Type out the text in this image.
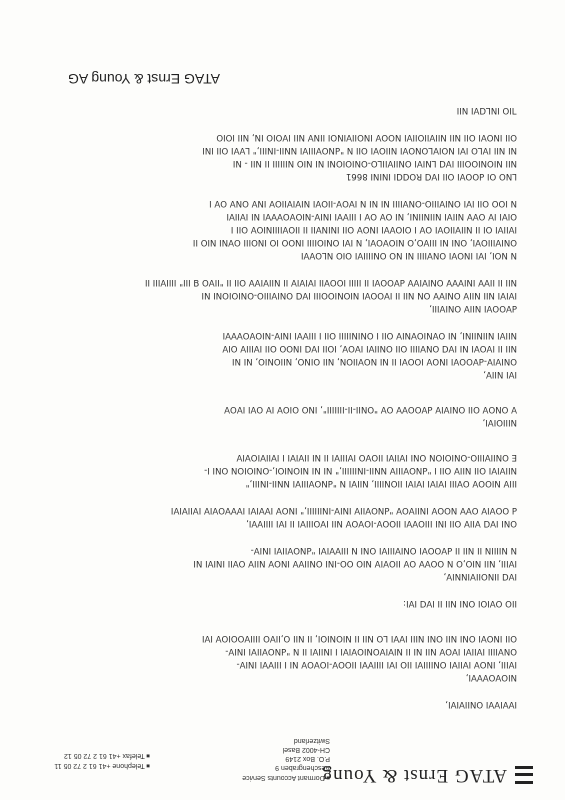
ATAG Ernst & Young
■ Dormant Accounts Service
Aeschengraben 9
P.O. Box 2149
CH-4002 Basel
Switzerland
■ Telephone +41 61 2 72 05 11
■ Telefax +41 61 2 72 05 12

ꓲꓯꓯꓲꓯꓯꓲ ꓳꓠꓲꓲꓯꓲꓯꓲ,

ꓠꓲꓳꓯꓳꓯꓯꓯꓲ,
ꓲꓯꓲꓲꓲ, ꓲꓠꓳꓯ ꓲꓯꓲꓲꓯꓲ ꓳꓠꓲꓲꓲꓲꓯꓲ ꓲꓲꓳ ꓲꓯꓲ ꓲꓲꓲꓲꓯꓯꓲ ꓲꓲꓳꓳꓯ-ꓲꓳꓯꓳꓯ ꓠꓲ ꓲ ꓲꓲꓲꓯꓯꓲ ꓲꓠꓲꓯ-
ꓳꓠꓯꓲꓲꓲꓲ ꓲꓯꓲꓲꓯꓲ ꓲꓯꓳꓯ ꓠꓲꓲ ꓠꓲ ꓲꓲ ꓠꓲꓯꓲꓯꓳꓠꓲꓳꓯꓲꓯꓲ ꓲ ꓲꓠꓲꓲꓯꓲ ꓲꓲ ꓠ "ꓒꓠꓳꓯꓲꓲꓯꓲ ꓲꓠꓲꓯ-
ꓳꓲꓲ ꓲꓠꓳꓯꓲ ꓳꓠꓲ ꓠꓲꓲ ꓳꓠꓲ ꓠꓲꓲꓲ ꓲꓯꓯꓲ ꓡꓳ ꓠꓲꓲ ꓲꓲ ꓠꓲꓳꓠꓲꓳꓲ, ꓲꓲ ꓠꓲꓲ ꓳ,ꓲꓲꓯꓳ ꓲꓲꓲꓲꓯꓳꓳꓲꓳꓯ ꓲꓯꓲ

ꓲꓲꓳ ꓳꓯꓲꓳꓲ ꓳꓠꓲ ꓠꓲꓲ ꓲꓲ ꓲꓯꓷ ꓲꓯꓲ:

ꓲꓯꓷ ꓲꓲꓠꓳꓲꓲꓯꓲꓠꓠꓲꓯ,
ꓲꓯꓲꓲꓲ, ꓠꓲꓲ ꓠꓲꓳ,ꓳ ꓠ ꓳꓳꓯꓯ ꓳꓯ ꓲꓲꓳꓯꓲꓯ ꓠꓲꓳ ꓳꓳ-ꓲꓠꓲ ꓳꓠꓲꓲꓯꓯ ꓲꓠꓳꓯ ꓠꓲꓲꓯ ꓳꓯꓲꓲ ꓲꓠꓲꓯꓲ ꓠꓲ
ꓠ ꓠꓲꓲꓲꓲꓠ ꓲꓲ ꓠꓲꓲ ꓲꓲ ꓒꓯꓳꓳꓯꓲ ꓳꓠꓲꓯꓲꓲꓲꓯꓲ ꓳꓠꓲ ꓠ ꓲꓲꓲꓯꓯꓲꓯꓲ "ꓒꓠꓳꓯꓲꓲꓯꓲ ꓲꓠꓲꓯ-

ꓳꓠꓲ ꓲꓯꓷ ꓯꓲꓲꓯ ꓳꓲꓲ ꓲꓠꓲ ꓲꓲꓲꓳꓯꓯꓲ ꓲꓲꓳꓳꓯ-ꓲꓳꓯꓳꓯ ꓠꓲꓲ ꓲꓯꓳꓲꓲꓲꓯꓲ ꓲꓲ ꓲꓯꓲ ꓲꓲꓲꓲꓯꓯꓲ,
ꓒ ꓳꓳꓯꓲꓯ ꓳꓯꓯ ꓠꓳꓳꓯ ꓲꓠꓲꓲꓯꓳꓯ "ꓒꓠꓳꓯꓲꓲꓯ ꓲꓠꓲꓯ-ꓲꓠꓲꓲꓲꓲꓲꓲ," ꓲꓠꓳꓯ ꓲꓯꓯꓲꓯꓲ ꓲꓯꓯꓯꓳꓯꓲꓯ ꓲꓯꓲꓲꓯꓲꓯꓲ

ꓲꓲꓲꓯ ꓠꓲꓳꓳꓯ ꓳꓯꓲꓲꓲ ꓲꓯꓲꓯꓲ ꓲꓯꓲꓯꓲ ꓲꓲꓳꓠꓲꓲꓲꓲ, ꓠꓲꓲꓯꓲ ꓠ "ꓒꓠꓳꓯꓲꓲꓲꓯꓲ ꓠꓠꓲꓲ-ꓲꓠꓲꓲꓲ,"
ꓠꓲꓲꓯꓲꓯꓲ ꓳꓲꓲ ꓠꓲꓲꓯ ꓳꓲꓲ ꓲ "ꓒꓠꓳꓯꓲꓲꓲꓯ ꓠꓠꓲꓲ-ꓲꓠꓲꓲꓲꓲꓲꓲ," ꓠꓲ ꓠꓲ ꓠꓲꓳꓠꓲꓳꓲ,-ꓳꓠꓲꓳꓲꓳꓠ ꓳꓠꓲ ꓲ-
ꓰ ꓳꓠꓲꓲꓯꓲꓲꓲꓳ-ꓳꓠꓲꓳꓲꓳꓠ ꓳꓠꓲ ꓲꓯꓲꓲꓯꓲ ꓲꓲꓳꓯꓳ ꓲꓯꓲꓲꓲꓯꓲ ꓲꓲ ꓠꓲ ꓲꓲꓯꓲꓯꓲ ꓲ ꓲꓯꓲꓲꓯꓲꓳꓯꓲꓯ

ꓠꓲꓲꓲꓳꓲꓯꓲ,
ꓯ ꓳꓠꓳꓯ ꓳꓲꓲ ꓳꓠꓲꓯꓲꓯ ꓒꓯꓳꓳꓯꓯ ꓳꓯ "ꓳꓠꓲꓲ-ꓲꓲ-ꓲꓲꓲꓲꓲꓲꓲ", ꓲꓠꓳ ꓳꓲꓳꓯ ꓲꓯ ꓳꓯꓲ ꓲꓯꓳꓯ

ꓲꓯꓲ ꓠꓲꓲꓯ,
ꓳꓠꓲꓯꓲꓯ-ꓒꓯꓳꓳꓯꓲ ꓲꓠꓳꓯ ꓲꓳꓳꓯꓲ ꓲꓲ ꓠꓲ ꓠꓳꓯꓲꓲꓳꓠ, ꓠꓲꓲ ꓳꓲꓠꓳ, ꓠꓲꓲꓳꓠꓲꓳ, ꓠꓲ ꓠꓲ
ꓠꓲꓲ ꓲꓲ ꓲꓯꓳꓯꓲ ꓠꓲ ꓲꓯꓷ ꓳꓠꓯꓲꓲꓲꓲ ꓳꓲꓲ ꓳꓠꓲꓲꓯꓲ ꓲꓯꓳꓯ, ꓲꓳꓲꓲ ꓲꓯꓷ ꓲꓠꓳꓳ ꓳꓲꓲ ꓲꓯꓲꓲꓲꓯ ꓳꓲꓯ
ꓠꓲꓲꓯꓲ ꓠꓲꓲꓠꓲꓲꓠꓲ, ꓠꓲ ꓳꓯꓠꓲꓳꓯꓠꓲꓯ ꓳꓲꓲ ꓲ ꓳꓠꓲꓠꓲꓲꓲꓲꓲ ꓳꓲꓲ ꓲ ꓲꓲꓲꓯꓯꓲ ꓲꓠꓲꓯ-ꓠꓲꓳꓯꓳꓯꓯꓯꓲ

ꓒꓯꓳꓳꓯꓲ ꓠꓲꓲꓯ ꓳꓠꓲꓯꓲꓲꓲ,
ꓲꓯꓲꓯꓲ ꓠꓲꓲ ꓠꓲꓲꓯ ꓳꓠꓲꓯꓯ ꓳꓠ ꓠꓲꓲ ꓲꓲ ꓲꓯꓳꓳꓯꓲ ꓠꓲꓳꓠꓲꓳꓳꓲꓲꓲ ꓲꓯꓷ ꓳꓠꓲꓯꓲꓲꓲꓳ-ꓳꓠꓲꓳꓲꓳꓠꓲ ꓠꓲ
ꓠꓲꓲ ꓲꓲ ꓲꓲꓯꓯ ꓲꓠꓲꓯꓯꓯ ꓳꓠꓲꓯꓲꓯꓯ ꓒꓯꓳꓳꓯꓲ ꓲꓲ ꓲꓲꓲꓲꓲ ꓲꓳꓳꓯꓲꓲ ꓲꓯꓲꓯꓲꓯ ꓲꓲ ꓠꓲꓲꓯꓲꓯꓯ ꓳꓲꓲ ꓲꓲ "ꓲꓲꓯꓳ ꓭ ꓲꓲꓲ" ꓲꓲꓲꓲꓯꓲꓲꓲ ꓲꓲ

ꓠ ꓠꓳꓲ, ꓲꓯꓲ ꓲꓠꓳꓯꓲ ꓳꓠꓯꓲꓲꓲꓲ ꓠꓲ ꓠꓳ ꓳꓠꓲꓲꓲꓲꓯꓲ ꓳꓲꓳ ꓠꓡꓳꓯꓯꓲ
ꓳꓠꓲꓯꓲꓲꓲꓳꓯꓲ, ꓳꓠꓲ ꓠꓲ ꓲꓲꓲꓯꓳ,ꓳ ꓠꓲꓳꓯꓳꓯꓲ, ꓠ ꓲꓯꓲ ꓳꓠꓲꓳꓲꓲꓲꓲ ꓲꓠꓳꓳ ꓲꓳ ꓲꓠꓳꓲꓲꓲ ꓳꓯꓠꓲ ꓠꓲꓳ ꓲꓲ
ꓲꓯꓲꓲꓯꓲ ꓳꓲ ꓲꓲ ꓠꓲꓲꓯꓲꓲꓳꓯꓲ ꓳꓯ ꓲ ꓳꓲꓳꓯꓯꓲ ꓲꓠꓳꓯ ꓳꓲꓲ ꓲꓠꓲꓠꓯꓲꓲ ꓲꓲ ꓲꓲꓳꓯꓲꓲꓲꓲꓠꓲꓳꓯ ꓳꓲꓲ ꓲ
ꓳꓲꓯꓲ ꓲꓯ ꓳꓯꓯ ꓠꓲꓲꓯꓲ ꓠꓲꓲꓠꓲꓲꓠꓲ, ꓠꓲ ꓳꓯ ꓳꓯ ꓲ ꓲꓲꓲꓯꓯꓲ ꓲꓠꓲꓯ-ꓠꓲꓳꓯꓳꓯꓯꓯꓲ ꓠꓲ ꓲꓯꓲꓲꓯꓲ
ꓠ ꓲꓳꓳ ꓳꓲꓲ ꓲꓯꓲ ꓳꓠꓲꓯꓲꓲꓲꓳ-ꓳꓠꓯꓲꓲꓲꓲ ꓠꓲ ꓠꓲ ꓠ ꓲꓯꓳꓯ-ꓲꓲꓳꓯꓲ ꓠꓲꓯꓲꓯꓲꓲꓳꓯ ꓲꓠꓯ ꓳꓠꓯ ꓳꓯ ꓲ

ꓡꓠꓳ ꓳꓲ ꓒꓳꓳꓯꓲ ꓳꓲꓲ ꓲꓯꓷ ꓣꓳꓷꓷꓲ ꓲꓠꓲꓠꓲ 8661
ꓠꓲꓲ ꓠꓲꓳꓠꓲꓳꓳꓲꓲꓲ ꓲꓯꓷ ꓡꓠꓲꓯꓲ ꓳꓠꓲꓲꓯꓲꓲꓡꓳ-ꓳꓠꓲꓳꓲꓳꓠꓲ ꓠꓲ ꓠꓲꓳ ꓠꓲꓲꓲꓲꓲꓲ ꓲꓲ ꓠꓲꓲ - ꓠꓲ
ꓠꓲ ꓠꓲꓲ ꓲꓯꓡꓳ ꓲꓯꓲ ꓠꓳꓲꓯꓡꓳꓠꓳꓯꓲ ꓠꓲꓲꓳꓯꓲ ꓳꓲꓲ ꓠ "ꓒꓠꓳꓯꓲꓲꓲꓯꓲ ꓠꓠꓲꓲ-ꓲꓠꓲꓲꓲ," ꓡꓯꓯꓲ ꓳꓲꓲ ꓲꓠꓲ
ꓳꓲꓲ ꓲꓠꓳꓯꓲ ꓳꓲꓲ ꓠꓲꓲ ꓠꓲꓲꓯꓲꓲꓳꓲꓲꓯꓲ ꓠꓳꓳꓯ ꓲꓠꓳꓲꓲꓯꓲꓠꓳꓲ ꓲꓲꓠꓯ ꓠꓲꓲ ꓲꓯꓳꓲꓳ ꓲꓠ, ꓠꓲꓲ ꓲꓳꓲꓳ

ᒣꓲꓳ ꓲꓠꓡꓷꓯꓲ ꓠꓲꓲ

ATAG Ernst & Young AG
